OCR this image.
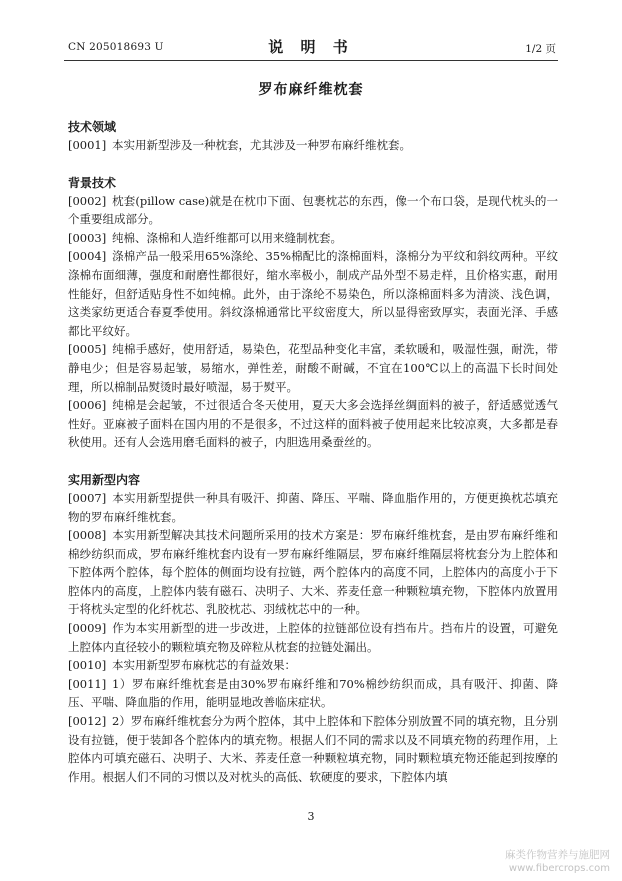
CN 205018693 U	说 明 书	1/2 页
罗布麻纤维枕套
技术领域

[0001] 本实用新型涉及一种枕套，尤其涉及一种罗布麻纤维枕套。

背景技术

[0002] 枕套(pillow case)就是在枕巾下面、包裹枕芯的东西，像一个布口袋，是现代枕头的一个重要组成部分。

[0003] 纯棉、涤棉和人造纤维都可以用来缝制枕套。

[0004] 涤棉产品一般采用65%涤纶、35%棉配比的涤棉面料，涤棉分为平纹和斜纹两种。平纹涤棉布面细薄，强度和耐磨性都很好，缩水率极小，制成产品外型不易走样，且价格实惠，耐用性能好，但舒适贴身性不如纯棉。此外，由于涤纶不易染色，所以涤棉面料多为清淡、浅色调，这类家纺更适合春夏季使用。斜纹涤棉通常比平纹密度大，所以显得密致厚实，表面光泽、手感都比平纹好。

[0005] 纯棉手感好，使用舒适，易染色，花型品种变化丰富，柔软暖和，吸湿性强，耐洗，带静电少；但是容易起皱，易缩水，弹性差，耐酸不耐碱，不宜在100℃以上的高温下长时间处理，所以棉制品熨烫时最好喷湿，易于熨平。

[0006] 纯棉是会起皱，不过很适合冬天使用，夏天大多会选择丝绸面料的被子，舒适感觉透气性好。亚麻被子面料在国内用的不是很多，不过这样的面料被子使用起来比较凉爽，大多都是春秋使用。还有人会选用磨毛面料的被子，内胆选用桑蚕丝的。

实用新型内容

[0007] 本实用新型提供一种具有吸汗、抑菌、降压、平喘、降血脂作用的，方便更换枕芯填充物的罗布麻纤维枕套。

[0008] 本实用新型解决其技术问题所采用的技术方案是：罗布麻纤维枕套，是由罗布麻纤维和棉纱纺织而成，罗布麻纤维枕套内设有一罗布麻纤维隔层，罗布麻纤维隔层将枕套分为上腔体和下腔体两个腔体，每个腔体的侧面均设有拉链，两个腔体内的高度不同，上腔体内的高度小于下腔体内的高度，上腔体内装有磁石、决明子、大米、荞麦任意一种颗粒填充物，下腔体内放置用于将枕头定型的化纤枕芯、乳胶枕芯、羽绒枕芯中的一种。

[0009] 作为本实用新型的进一步改进，上腔体的拉链部位设有挡布片。挡布片的设置，可避免上腔体内直径较小的颗粒填充物及碎粒从枕套的拉链处漏出。

[0010] 本实用新型罗布麻枕芯的有益效果：

[0011] 1）罗布麻纤维枕套是由30%罗布麻纤维和70%棉纱纺织而成，具有吸汗、抑菌、降压、平喘、降血脂的作用，能明显地改善临床症状。

[0012] 2）罗布麻纤维枕套分为两个腔体，其中上腔体和下腔体分别放置不同的填充物，且分别设有拉链，便于装卸各个腔体内的填充物。根据人们不同的需求以及不同填充物的药理作用，上腔体内可填充磁石、决明子、大米、荞麦任意一种颗粒填充物，同时颗粒填充物还能起到按摩的作用。根据人们不同的习惯以及对枕头的高低、软硬度的要求，下腔体内填

3
麻类作物营养与施肥网
www.fibercrops.com
